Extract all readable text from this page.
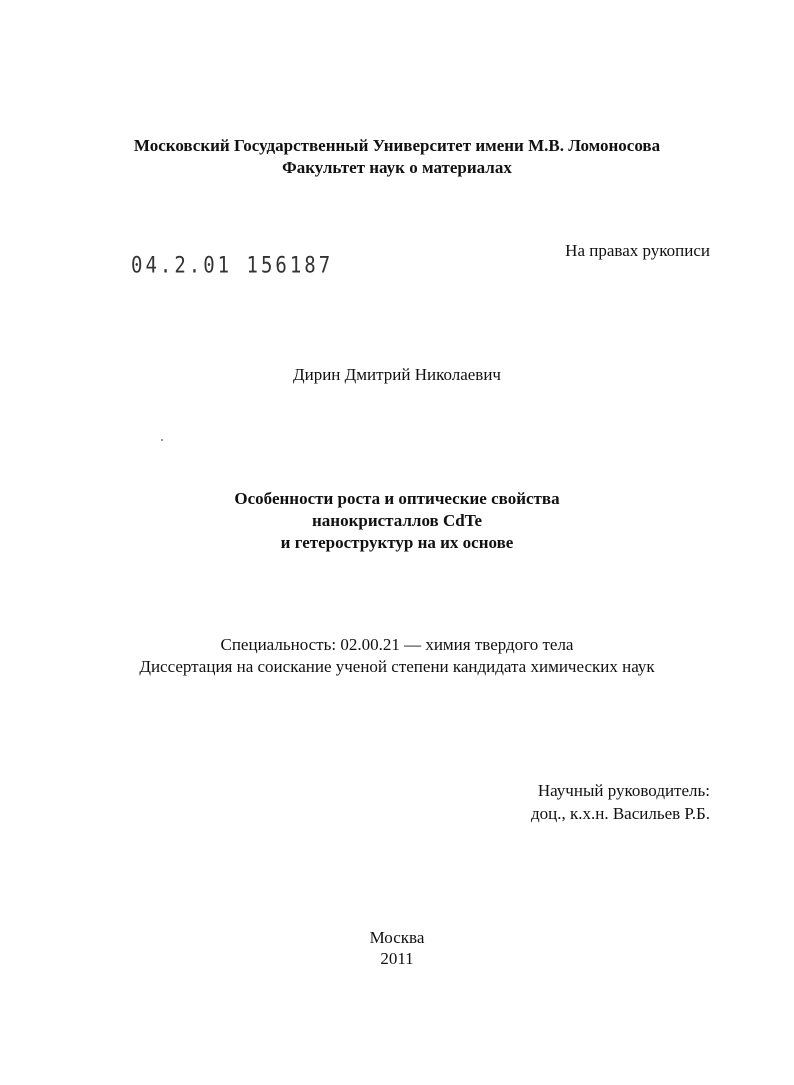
Московский Государственный Университет имени М.В. Ломоносова
Факультет наук о материалах
04.2.01 156187
На правах рукописи
Дирин Дмитрий Николаевич
Особенности роста и оптические свойства
нанокристаллов CdTe
и гетероструктур на их основе
Специальность: 02.00.21 — химия твердого тела
Диссертация на соискание ученой степени кандидата химических наук
Научный руководитель:
доц., к.х.н. Васильев Р.Б.
Москва
2011
